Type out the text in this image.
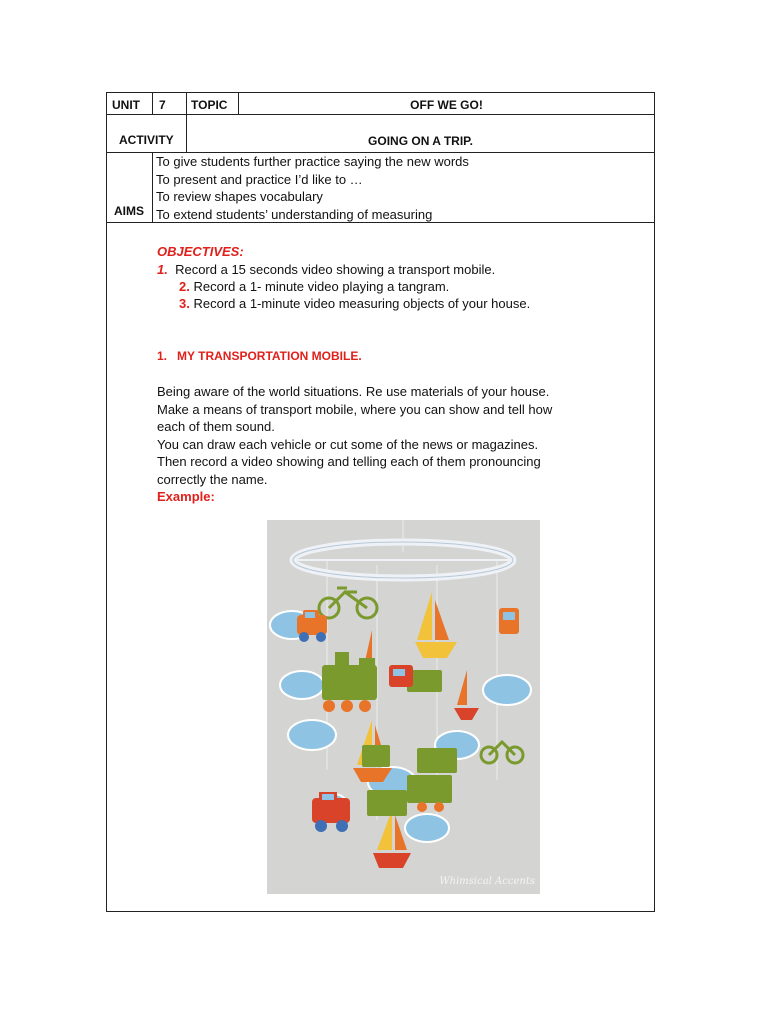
UNIT	7	TOPIC	OFF WE GO!
ACTIVITY	GOING ON A TRIP.
AIMS
To give students further practice saying the new words
To present and practice I’d like to …
To review shapes vocabulary
To extend students’ understanding of measuring
OBJECTIVES:
1. Record a 15 seconds video showing a transport mobile.
2. Record a 1- minute video playing a tangram.
3. Record a 1-minute video measuring objects of your house.
1.   MY TRANSPORTATION MOBILE.
Being aware of the world situations. Re use materials of your house.
Make a means of transport mobile, where you can show and tell how
each of them sound.
You can draw each vehicle or cut some of the news or magazines.
Then record a video showing and telling each of them pronouncing
correctly the name.
Example:
Whimsical Accents
